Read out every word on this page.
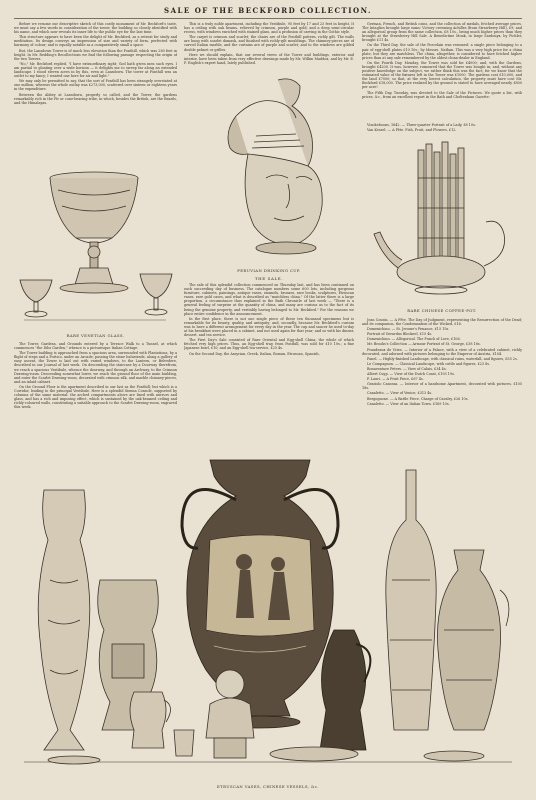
SALE OF THE BECKFORD COLLECTION.

Before we resume our descriptive sketch of this costly monument of Mr. Beckford's taste, we must say a few words in consideration of the tower, the building so closely identified with his name, and which now reveals its inner life to the public eye for the last time.

This structure appears to have been the delight of Mr. Beckford, as a retreat for study and meditation. Its design conveys an impression of size and variety of form, perfected with harmony of colour; and is equally notable as a comparatively small a space.

But, the Lansdown Tower is of much less elevation than the Fonthill, which was 280 feet in height. In Mr. Redding's Recollections we find the following passage respecting the origin of the two Towers.

"No," Mr. Beckford replied, "I have extraordinary sight; God hath given men such eyes. I am partial to gloating over a wide horizon — it delights me to sweep far along an extended landscape. I stood eleven acres in by this, even at Lansdown. The tower at Fonthill was an outlet to my fancy; I wanted one here for air and light."

We may only be permitted to say, that the sort of Fonthill has been strangely overstated at one million; whereas the whole outlay was £273,000, scattered over sixteen or eighteen years in the expenditure.

Between the Abbey at Lansdown, properly so called, and the Tower, the gardens remarkably rich in the Fir or cone-bearing tribe, in which, besides the British, are the Brazils, and the Himalayas.

RARE VENETIAN GLASS.

The Tower, Gardens, and Grounds entered by a Terrace Walk to a Tunnel, at which commences "the Dibs Garden," whence is a picturesque Italian Cottage.

The Tower building is approached from a spacious area, surrounded with Plantations, by a flight of steps and a Portico, under an Arcade; passing the stone balustrade, along a gallery of easy ascent, the Tower is laid out with varied windows, to the Lantern, or Belvedere, described in our Journal of last week. On descending the staircase by a Doorway therefrom, we reach a spacious Vestibule, whence the doorway, and through an Archway, to the Crimson Drawing-room. Descending somewhat lower, we reach the ground floor of the main building, and enter the Scarlet Drawing-room, decorated with crimson silk, and marble chimney-pieces, and an inlaid cabinet.

On the Ground Floor is the apartment described in our last as the Fonthill; but which is a Corridor, leading to the principal Vestibule. Here is a splendid Sienna Console, supported by columns of the same material: the arched compartments above are lined with mirrors and glass, and has a rich and imposing effect, which is sustained by the oak-beamed ceiling and richly-coloured walls, constituting a suitable approach to the Scarlet Drawing-room, engraved this week.

This is a truly noble apartment, including the Vestibule, 95 feet by 17 and 23 feet in height. It has a ceiling with oak beams, relieved by crimson, purple and gold; and a deep semi-circular recess, with windows enriched with stained glass, and a profusion of carving in the Gothic style.

The carpet is crimson and scarlet; the chairs are of the Fonthill pattern, richly gilt. The walls are hung with scarlet damask, and finished with richly-gilt mouldings. The chimney-pieces are of carved Italian marble, and the curtains are of purple and scarlet; and to the windows are gilded double pelmet or grilles.

Here we should explain, that our several views of the Tower and buildings, exterior and interior, have been taken from very effective drawings made by Mr. Wilkin Maddox, and by Mr. E. F. English's expert hand, lately published.

PERUVIAN DRINKING CUP.
THE SALE.

The sale of this splendid collection commenced on Thursday last, and has been continued on each succeeding day of business. The catalogue numbers some 600 lots, including gorgeous furniture, cabinets, paintings, antique vases, enamels, bronzes, rare books, sculptures, Etruscan vases, rare gold cases, and what is described as "matchless china." Of the latter there is a large proportion, a circumstance thus explained in the Bath Chronicle of last week — "There is a general feeling of surprise at the quantity of china, and many are curious as to the fact of its being the genuine property, and veritably having belonged to Mr. Beckford." For the reasons we place entire confidence in the announcement.

In the first place, there is not one single piece of these ten thousand specimens but is remarkable for its beauty, quality, and antiquity; and, secondly, because Mr. Beckford's custom was to have a different arrangement for every day in the year. The cup and saucer he used to-day at his breakfast were placed in a cabinet, and not used again for that year; and so with his dinner, dessert, and tea service.

The First Day's Sale consisted of Rare Oriental and Egg-shell China; the whole of which fetched very high prices. Thus, an Egg-shell tray, from Fonthill, was sold for £10 10s.; a fine Japanese bowl, £10; and an Egg-shell tea-service, £25 4s.

On the Second Day, the Assyrian, Greek, Italian, Roman, Etruscan, Spanish,

German, French, and British coins, and the collection of medals, fetched average prices. The Intaglios brought large sums: Victory crowning Achilles (from Strawberry Hill), £9; and an allegorical group from the same collection, £8 10s., being much higher prices than they brought at the Strawberry Hill Sale. A Benedictine Monk, in large Sardonyx, by Pichler, brought £11 4s.

On the Third Day, the sale of the Porcelain was resumed: a single piece belonging to a pair of egg-shell plates £10 10s.; by Messrs. Nathan. This was a very high price for a china plate, but they are matchless. The china, altogether, is considered to have fetched higher prices than at any sale remembered by the oldest china-dealer in England.

On the Fourth Day, Monday, the Tower was sold for £4000; and, with the Gardens, brought £4200. It was, however, rumoured that the Tower was bought in; and, without any positive knowledge on the subject, we rather think this was the fact; for we know that the estimated value of the fixtures left in the Tower was £1000. The gardens cost £10,000, and the land £7000; so that, at the very lowest calculation, the property must have cost Mr. Beckford £18,000. The price realized by the ground is stated to have averaged nearly £800 per acre!

The Fifth Day, Tuesday, was devoted to the Sale of the Pictures. We quote a list, with prices, &c., from an excellent report in the Bath and Cheltenham Gazette:

Vinckeboons, 1642. — Three-quarter Portrait of a Lady, £8 10s.

Van Kessel. — A Fête. Fish, Fruit, and Flowers, £12.

RARE CHINESE COFFEE-POT.

Jean Cousin. — A Fête. The Day of Judgment, representing the Resurrection of the Dead; and its companion, the Condemnation of the Wicked, £16.

Domenichino. — St. Jerome's Penance, £15 15s.

Portrait of Gerardus Blockeel, £15 4s.

Domenichino. — Allegorical. The Punch of Love, £106.

Mr. Brooks's Collection — Armour Portrait of St. George, £38 18s.

Fraudeaux de Vries. — Interior of a Palace, with a view of a celebrated cabinet, richly decorated, and adorned with pictures belonging to the Emperor of Austria, £104.

Panel. — Highly-finished Landscape, with classical ruins, waterfall, and figures, £55 2s.

Le Compagnon. — Classical Landscape, with cattle and figures, £23 8s.

Bonaventure Peters. — View of Calais, £34 4s.

Albert Cuyp. — View of the Dutch Coast, £193 19s.

P. Lauri. — A Fruit Piece, £67 4s.

Graziolo Canossa. — Interior of a handsome Apartment, decorated with pictures, £105 18s.

Canaletto. — View of Venice, £313 4s.

Bergognone. — A Battle Piece. Charge of Cavalry, £26 10s.

Canaletto. — View of an Italian Town. £169 10s.

ETRUSCAN VASES, CHINESE VESSELS, &c.
